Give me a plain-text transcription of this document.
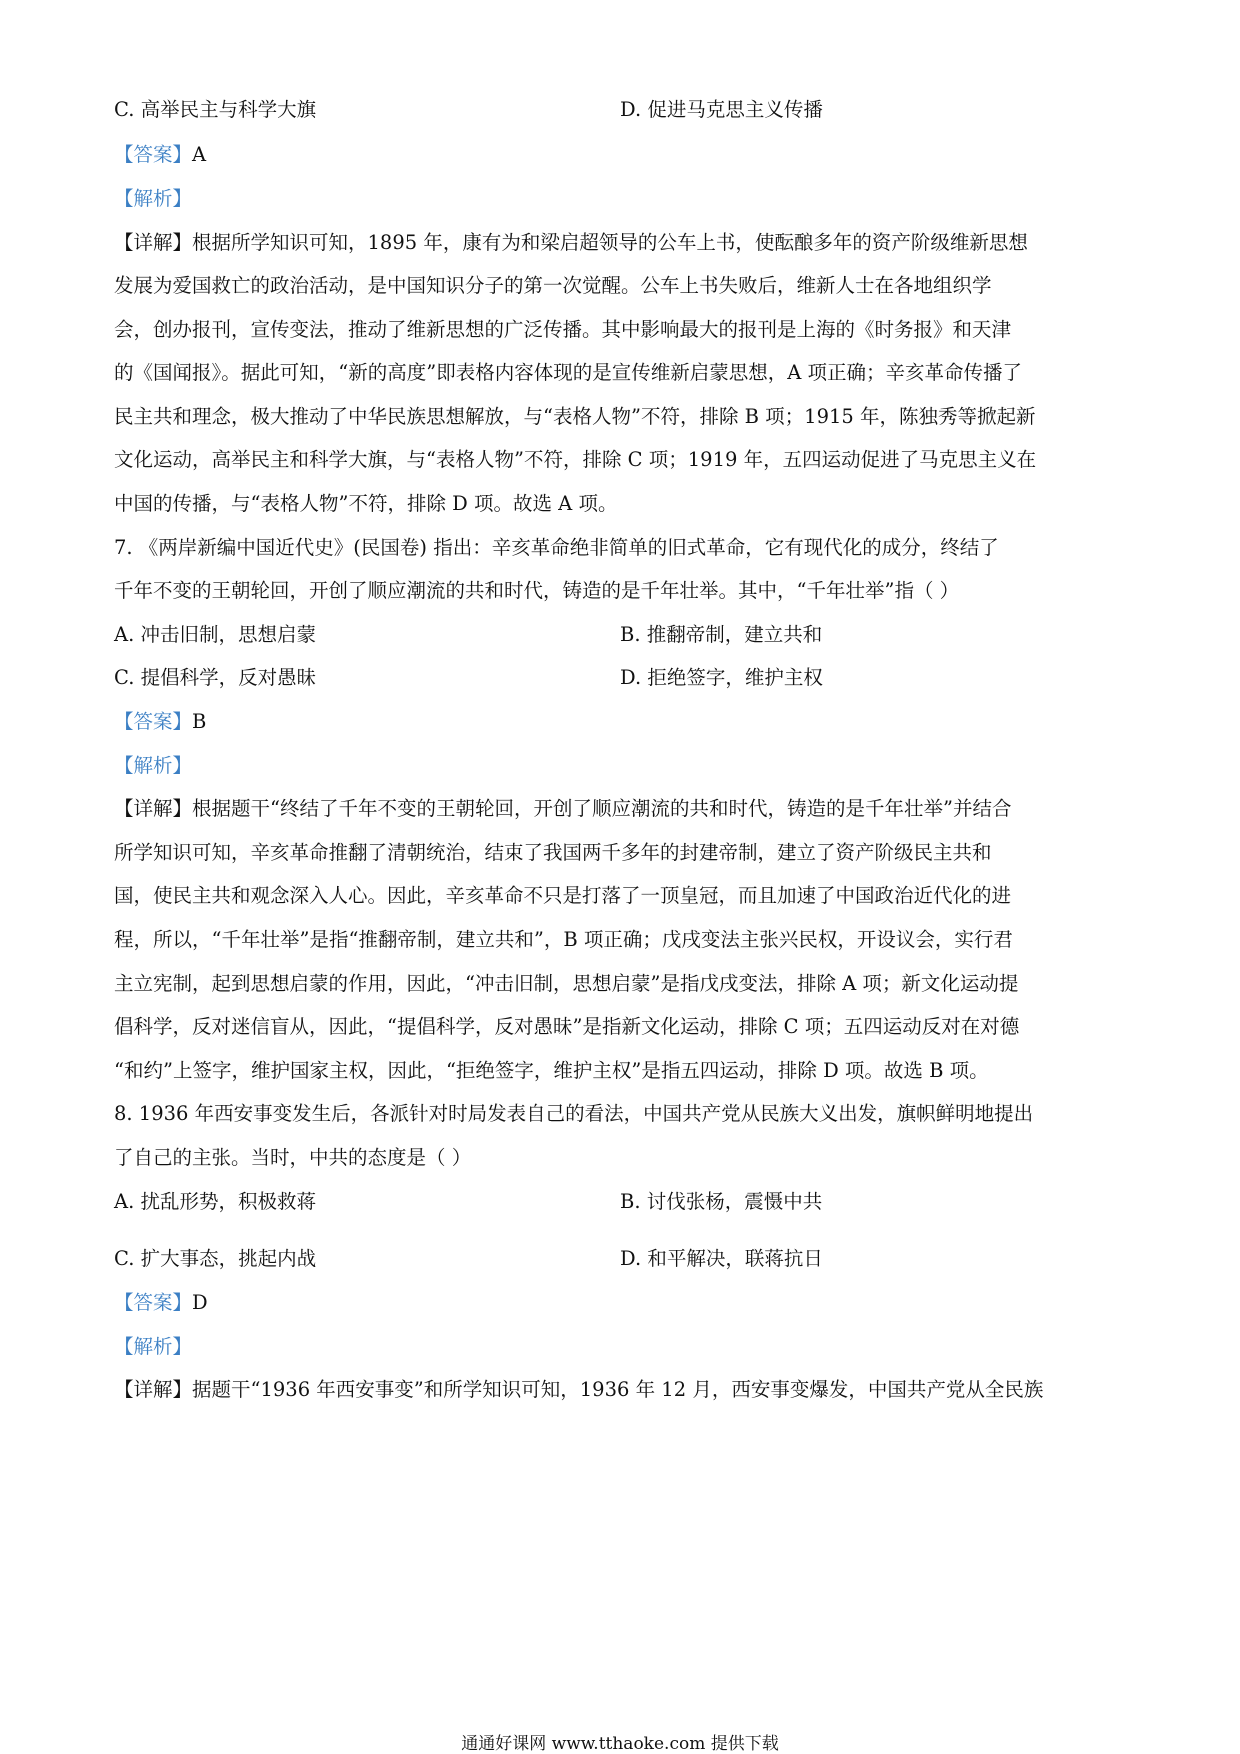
C. 高举民主与科学大旗	D. 促进马克思主义传播
【答案】A
【解析】
【详解】根据所学知识可知，1895 年，康有为和梁启超领导的公车上书，使酝酿多年的资产阶级维新思想
发展为爱国救亡的政治活动，是中国知识分子的第一次觉醒。公车上书失败后，维新人士在各地组织学
会，创办报刊，宣传变法，推动了维新思想的广泛传播。其中影响最大的报刊是上海的《时务报》和天津
的《国闻报》。据此可知，“新的高度”即表格内容体现的是宣传维新启蒙思想，A 项正确；辛亥革命传播了
民主共和理念，极大推动了中华民族思想解放，与“表格人物”不符，排除 B 项；1915 年，陈独秀等掀起新
文化运动，高举民主和科学大旗，与“表格人物”不符，排除 C 项；1919 年，五四运动促进了马克思主义在
中国的传播，与“表格人物”不符，排除 D 项。故选 A 项。
7. 《两岸新编中国近代史》(民国卷) 指出：辛亥革命绝非简单的旧式革命，它有现代化的成分，终结了
千年不变的王朝轮回，开创了顺应潮流的共和时代，铸造的是千年壮举。其中，“千年壮举”指（ ）
A. 冲击旧制，思想启蒙	B. 推翻帝制，建立共和
C. 提倡科学，反对愚昧	D. 拒绝签字，维护主权
【答案】B
【解析】
【详解】根据题干“终结了千年不变的王朝轮回，开创了顺应潮流的共和时代，铸造的是千年壮举”并结合
所学知识可知，辛亥革命推翻了清朝统治，结束了我国两千多年的封建帝制，建立了资产阶级民主共和
国，使民主共和观念深入人心。因此，辛亥革命不只是打落了一顶皇冠，而且加速了中国政治近代化的进
程，所以，“千年壮举”是指“推翻帝制，建立共和”，B 项正确；戊戌变法主张兴民权，开设议会，实行君
主立宪制，起到思想启蒙的作用，因此，“冲击旧制，思想启蒙”是指戊戌变法，排除 A 项；新文化运动提
倡科学，反对迷信盲从，因此，“提倡科学，反对愚昧”是指新文化运动，排除 C 项；五四运动反对在对德
“和约”上签字，维护国家主权，因此，“拒绝签字，维护主权”是指五四运动，排除 D 项。故选 B 项。
8. 1936 年西安事变发生后，各派针对时局发表自己的看法，中国共产党从民族大义出发，旗帜鲜明地提出
了自己的主张。当时，中共的态度是（ ）
A. 扰乱形势，积极救蒋	B. 讨伐张杨，震慑中共
C. 扩大事态，挑起内战	D. 和平解决，联蒋抗日
【答案】D
【解析】
【详解】据题干“1936 年西安事变”和所学知识可知，1936 年 12 月，西安事变爆发，中国共产党从全民族
通通好课网 www.tthaoke.com 提供下载
